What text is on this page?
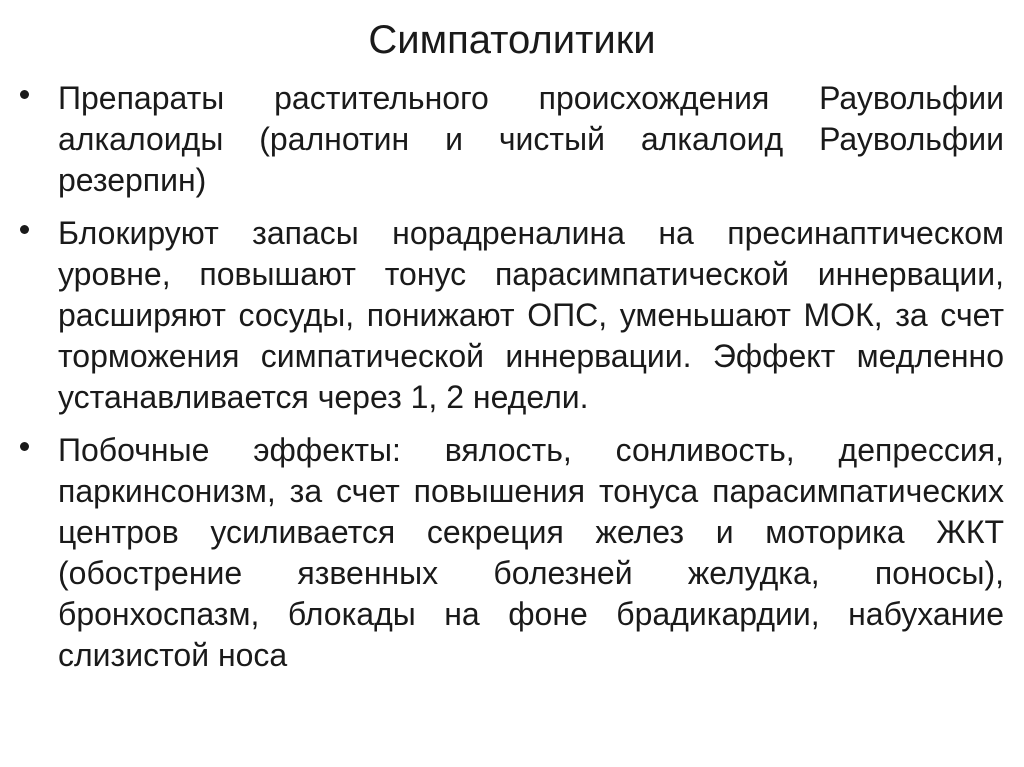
Симпатолитики
Препараты растительного происхождения Раувольфии алкалоиды (ралнотин и чистый алкалоид Раувольфии резерпин)
Блокируют запасы норадреналина на пресинаптическом уровне, повышают тонус парасимпатической иннервации, расширяют сосуды, понижают ОПС, уменьшают МОК, за счет торможения симпатической иннервации. Эффект медленно устанавливается через 1, 2 недели.
Побочные эффекты: вялость, сонливость, депрессия, паркинсонизм, за счет повышения тонуса парасимпатических центров усиливается секреция желез и моторика ЖКТ (обострение язвенных болезней желудка, поносы), бронхоспазм, блокады на фоне брадикардии, набухание слизистой носа
